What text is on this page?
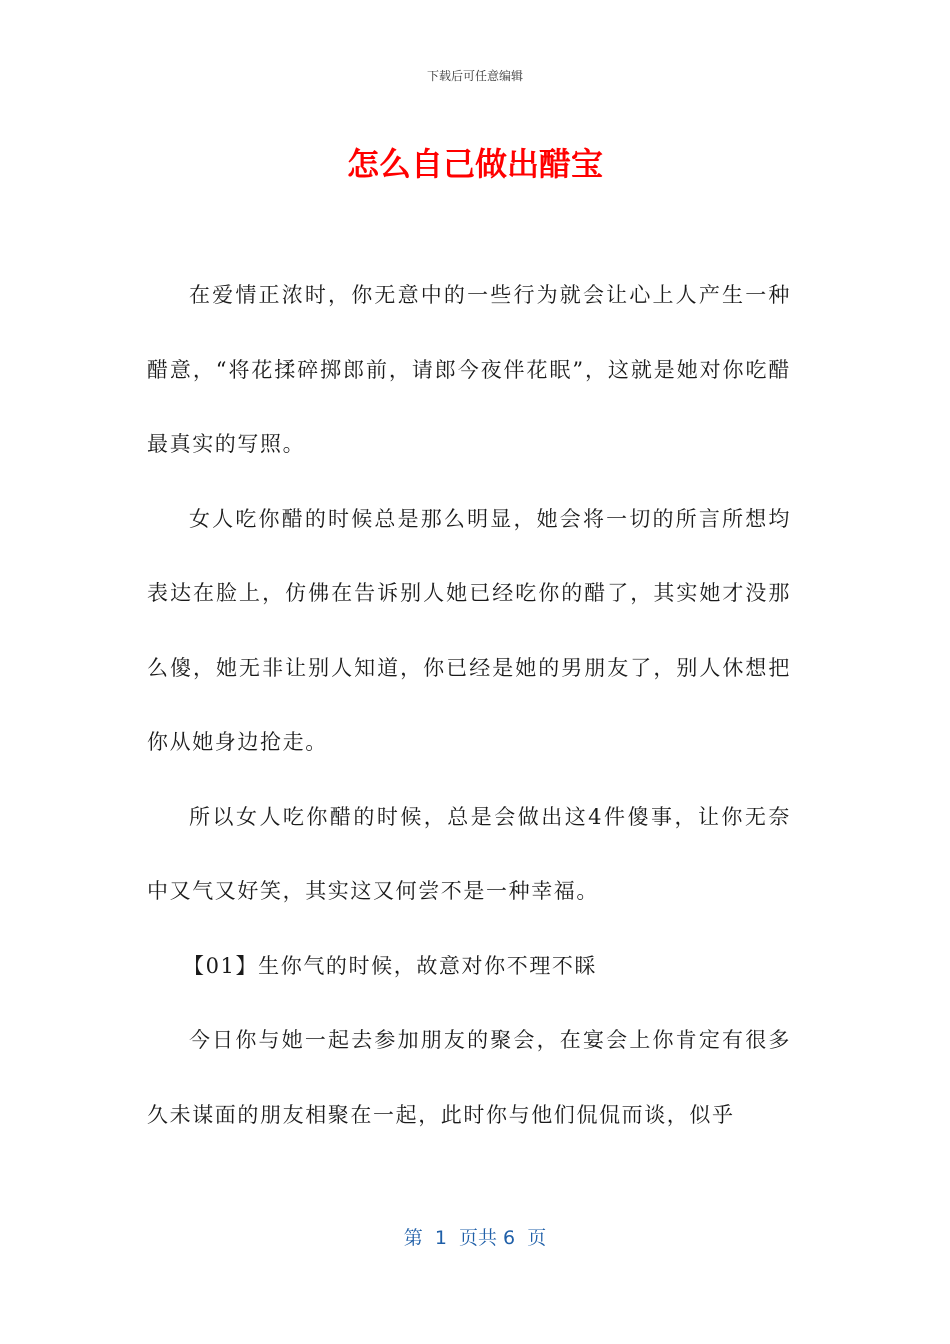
下载后可任意编辑
怎么自己做出醋宝

在爱情正浓时，你无意中的一些行为就会让心上人产生一种醋意，“将花揉碎掷郎前，请郎今夜伴花眠”，这就是她对你吃醋最真实的写照。

女人吃你醋的时候总是那么明显，她会将一切的所言所想均表达在脸上，仿佛在告诉别人她已经吃你的醋了，其实她才没那么傻，她无非让别人知道，你已经是她的男朋友了，别人休想把你从她身边抢走。

所以女人吃你醋的时候，总是会做出这4件傻事，让你无奈中又气又好笑，其实这又何尝不是一种幸福。

【01】生你气的时候，故意对你不理不睬

今日你与她一起去参加朋友的聚会，在宴会上你肯定有很多久未谋面的朋友相聚在一起，此时你与他们侃侃而谈，似乎

第  1  页共 6  页
